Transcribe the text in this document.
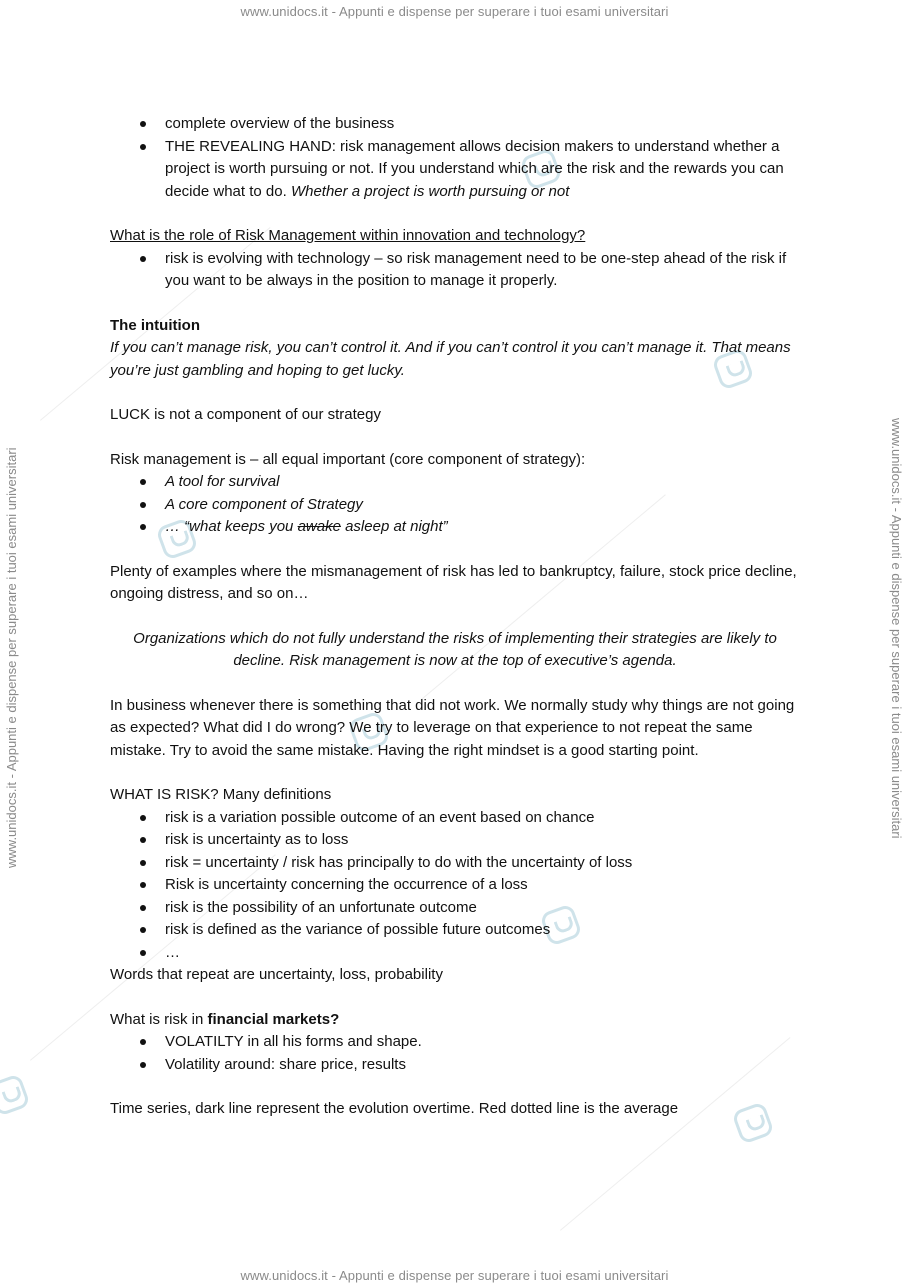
www.unidocs.it - Appunti e dispense per superare i tuoi esami universitari
www.unidocs.it - Appunti e dispense per superare i tuoi esami universitari
www.unidocs.it - Appunti e dispense per superare i tuoi esami universitari	www.unidocs.it - Appunti e dispense per superare i tuoi esami universitari
complete overview of the business
THE REVEALING HAND: risk management allows decision makers to understand whether a project is worth pursuing or not. If you understand which are the risk and the rewards you can decide what to do. Whether a project is worth pursuing or not

What is the role of Risk Management within innovation and technology?

risk is evolving with technology – so risk management need to be one-step ahead of the risk if you want to be always in the position to manage it properly.

The intuition

If you can’t manage risk, you can’t control it. And if you can’t control it you can’t manage it. That means you’re just gambling and hoping to get lucky.

LUCK is not a component of our strategy

Risk management is – all equal important (core component of strategy):

A tool for survival
A core component of Strategy
… “what keeps you awake asleep at night”

Plenty of examples where the mismanagement of risk has led to bankruptcy, failure, stock price decline, ongoing distress, and so on…

Organizations which do not fully understand the risks of implementing their strategies are likely to decline. Risk management is now at the top of executive’s agenda.

In business whenever there is something that did not work. We normally study why things are not going as expected? What did I do wrong? We try to leverage on that experience to not repeat the same mistake. Try to avoid the same mistake. Having the right mindset is a good starting point.

WHAT IS RISK? Many definitions

risk is a variation possible outcome of an event based on chance
risk is uncertainty as to loss
risk = uncertainty / risk has principally to do with the uncertainty of loss
Risk is uncertainty concerning the occurrence of a loss
risk is the possibility of an unfortunate outcome
risk is defined as the variance of possible future outcomes
…

Words that repeat are uncertainty, loss, probability

What is risk in financial markets?

VOLATILTY in all his forms and shape.
Volatility around: share price, results

Time series, dark line represent the evolution overtime. Red dotted line is the average
